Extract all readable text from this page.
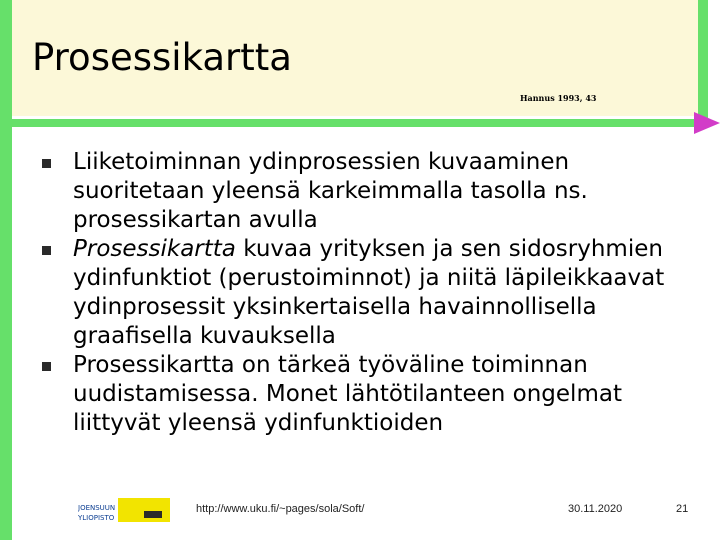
Prosessikartta
Hannus 1993, 43
Liiketoiminnan ydinprosessien kuvaaminen suoritetaan yleensä karkeimmalla tasolla ns. prosessikartan avulla
Prosessikartta kuvaa yrityksen ja sen sidosryhmien ydinfunktiot (perustoiminnot) ja niitä läpileikkaavat ydinprosessit yksinkertaisella havainnollisella graafisella kuvauksella
Prosessikartta on tärkeä työväline toiminnan uudistamisessa. Monet lähtötilanteen ongelmat liittyvät yleensä ydinfunktioiden
JOENSUUN
YLIOPISTO
http://www.uku.fi/~pages/sola/Soft/	30.11.2020	21
